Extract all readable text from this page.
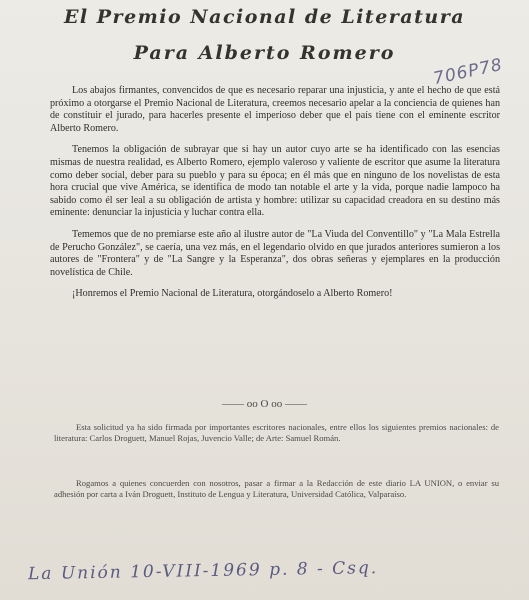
El Premio Nacional de Literatura
Para Alberto Romero
706P78

Los abajos firmantes, convencidos de que es necesario reparar una injusticia, y ante el hecho de que está próximo a otorgarse el Premio Nacional de Literatura, creemos necesario apelar a la conciencia de quienes han de constituir el jurado, para hacerles presente el imperioso deber que el país tiene con el eminente escritor Alberto Romero.

Tenemos la obligación de subrayar que si hay un autor cuyo arte se ha identificado con las esencias mismas de nuestra realidad, es Alberto Romero, ejemplo valeroso y valiente de escritor que asume la literatura como deber social, deber para su pueblo y para su época; en él más que en ninguno de los novelistas de esta hora crucial que vive América, se identifica de modo tan notable el arte y la vida, porque nadie lampoco ha sabido como él ser leal a su obligación de artista y hombre: utilizar su capacidad creadora en su destino más eminente: denunciar la injusticia y luchar contra ella.

Tememos que de no premiarse este año al ilustre autor de "La Viuda del Conventillo" y "La Mala Estrella de Perucho González", se caería, una vez más, en el legendario olvido en que jurados anteriores sumieron a los autores de "Frontera" y de "La Sangre y la Esperanza", dos obras señeras y ejemplares en la producción novelística de Chile.

¡Honremos el Premio Nacional de Literatura, otorgándoselo a Alberto Romero!

—— oo O oo ——

Esta solicitud ya ha sido firmada por importantes escritores nacionales, entre ellos los siguientes premios nacionales: de literatura: Carlos Droguett, Manuel Rojas, Juvencio Valle; de Arte: Samuel Román.

Rogamos a quienes concuerden con nosotros, pasar a firmar a la Redacción de este diario LA UNION, o enviar su adhesión por carta a Iván Droguett, Instituto de Lengua y Literatura, Universidad Católica, Valparaíso.

La Unión 10-VIII-1969 p. 8 - Csq.
